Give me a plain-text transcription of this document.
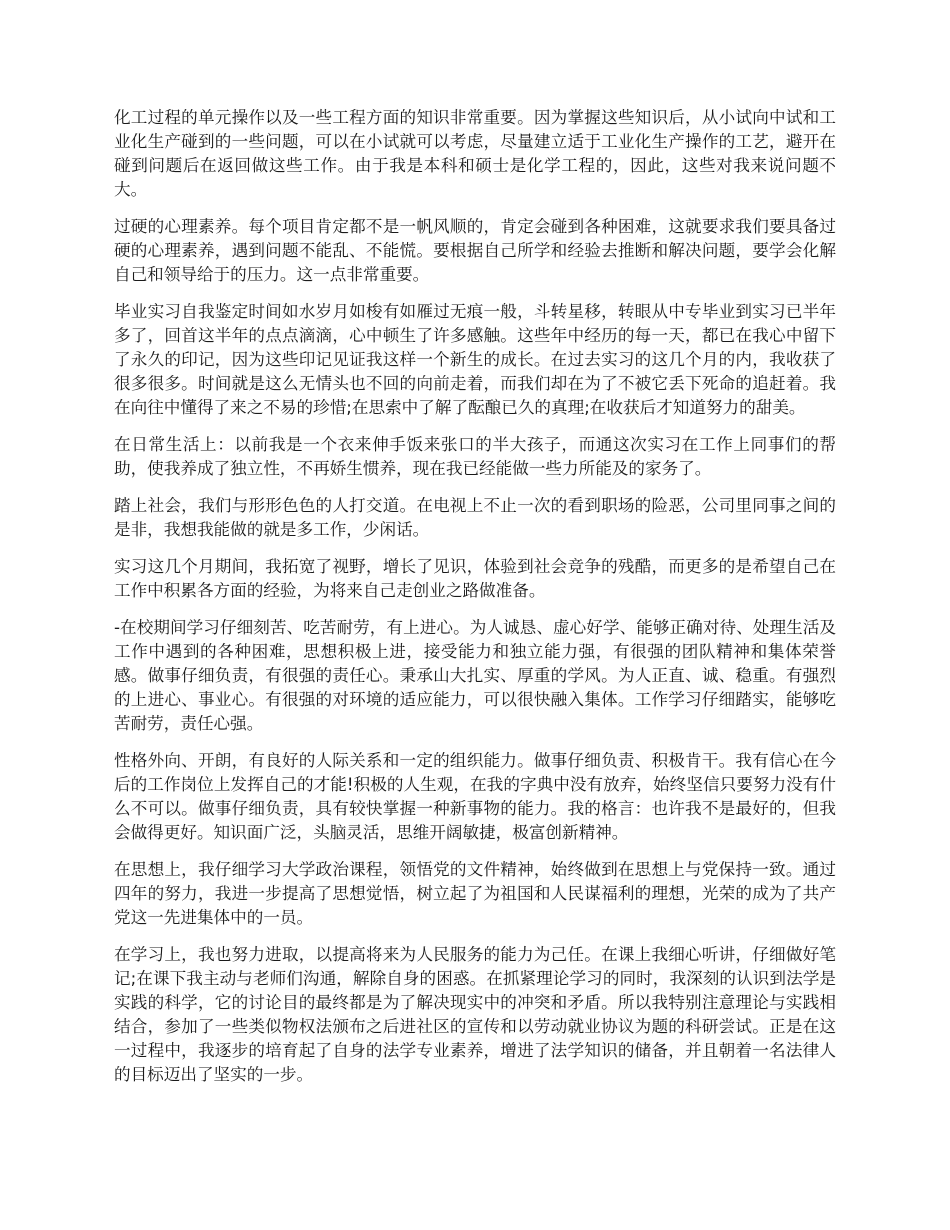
化工过程的单元操作以及一些工程方面的知识非常重要。因为掌握这些知识后，从小试向中试和工业化生产碰到的一些问题，可以在小试就可以考虑，尽量建立适于工业化生产操作的工艺，避开在碰到问题后在返回做这些工作。由于我是本科和硕士是化学工程的，因此，这些对我来说问题不大。

过硬的心理素养。每个项目肯定都不是一帆风顺的，肯定会碰到各种困难，这就要求我们要具备过硬的心理素养，遇到问题不能乱、不能慌。要根据自己所学和经验去推断和解决问题，要学会化解自己和领导给于的压力。这一点非常重要。

毕业实习自我鉴定时间如水岁月如梭有如雁过无痕一般，斗转星移，转眼从中专毕业到实习已半年多了，回首这半年的点点滴滴，心中顿生了许多感触。这些年中经历的每一天，都已在我心中留下了永久的印记，因为这些印记见证我这样一个新生的成长。在过去实习的这几个月的内，我收获了很多很多。时间就是这么无情头也不回的向前走着，而我们却在为了不被它丢下死命的追赶着。我在向往中懂得了来之不易的珍惜;在思索中了解了酝酿已久的真理;在收获后才知道努力的甜美。

在日常生活上：以前我是一个衣来伸手饭来张口的半大孩子，而通这次实习在工作上同事们的帮助，使我养成了独立性，不再娇生惯养，现在我已经能做一些力所能及的家务了。

踏上社会，我们与形形色色的人打交道。在电视上不止一次的看到职场的险恶，公司里同事之间的是非，我想我能做的就是多工作，少闲话。

实习这几个月期间，我拓宽了视野，增长了见识，体验到社会竞争的残酷，而更多的是希望自己在工作中积累各方面的经验，为将来自己走创业之路做准备。

-在校期间学习仔细刻苦、吃苦耐劳，有上进心。为人诚恳、虚心好学、能够正确对待、处理生活及工作中遇到的各种困难，思想积极上进，接受能力和独立能力强，有很强的团队精神和集体荣誉感。做事仔细负责，有很强的责任心。秉承山大扎实、厚重的学风。为人正直、诚、稳重。有强烈的上进心、事业心。有很强的对环境的适应能力，可以很快融入集体。工作学习仔细踏实，能够吃苦耐劳，责任心强。

性格外向、开朗，有良好的人际关系和一定的组织能力。做事仔细负责、积极肯干。我有信心在今后的工作岗位上发挥自己的才能!积极的人生观，在我的字典中没有放弃，始终坚信只要努力没有什么不可以。做事仔细负责，具有较快掌握一种新事物的能力。我的格言：也许我不是最好的，但我会做得更好。知识面广泛，头脑灵活，思维开阔敏捷，极富创新精神。

在思想上，我仔细学习大学政治课程，领悟党的文件精神，始终做到在思想上与党保持一致。通过四年的努力，我进一步提高了思想觉悟，树立起了为祖国和人民谋福利的理想，光荣的成为了共产党这一先进集体中的一员。

在学习上，我也努力进取，以提高将来为人民服务的能力为己任。在课上我细心听讲，仔细做好笔记;在课下我主动与老师们沟通，解除自身的困惑。在抓紧理论学习的同时，我深刻的认识到法学是实践的科学，它的讨论目的最终都是为了解决现实中的冲突和矛盾。所以我特别注意理论与实践相结合，参加了一些类似物权法颁布之后进社区的宣传和以劳动就业协议为题的科研尝试。正是在这一过程中，我逐步的培育起了自身的法学专业素养，增进了法学知识的储备，并且朝着一名法律人的目标迈出了坚实的一步。
